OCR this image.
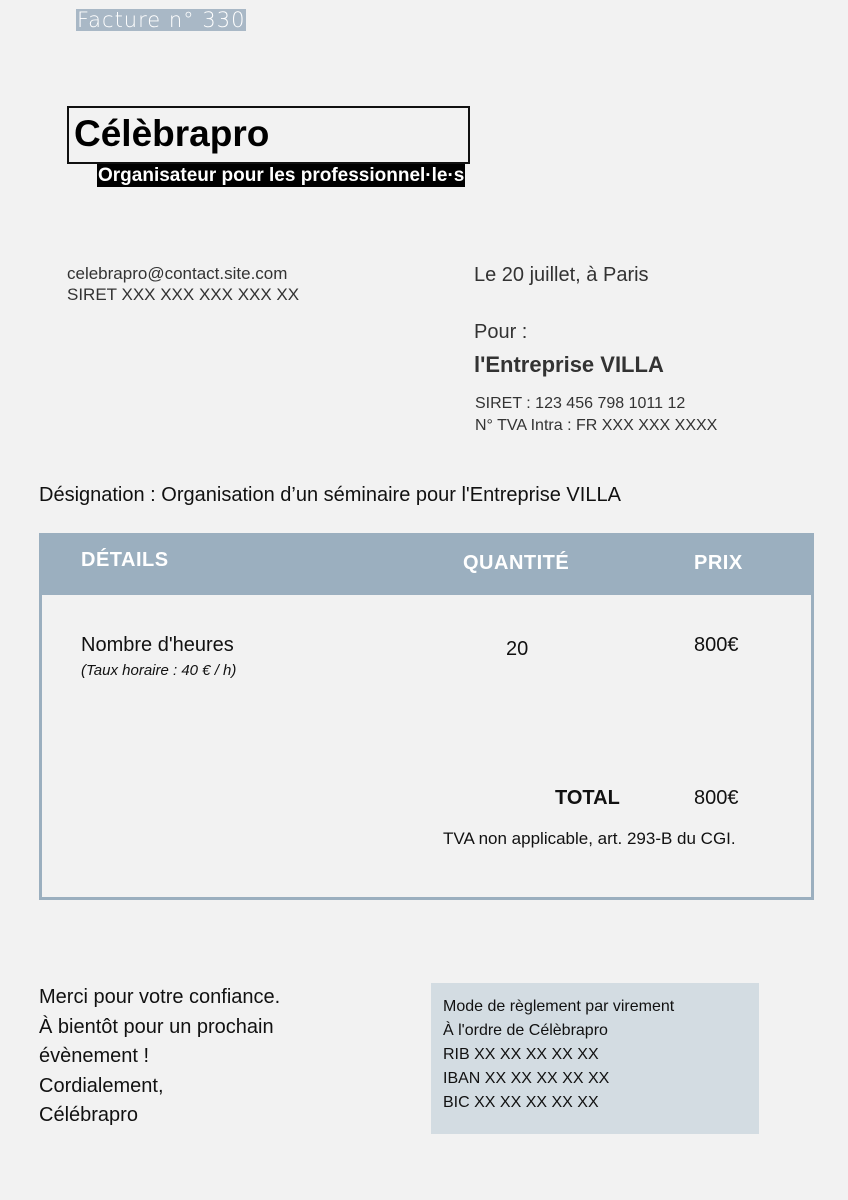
Facture n° 330
Célèbrapro
Organisateur pour les professionnel·le·s
celebrapro@contact.site.com
SIRET XXX XXX XXX XXX XX
Le 20 juillet, à Paris
Pour :
l'Entreprise VILLA
SIRET : 123 456 798 1011 12
N° TVA Intra : FR XXX XXX XXXX
Désignation : Organisation d’un séminaire pour l'Entreprise VILLA
DÉTAILS	QUANTITÉ	PRIX
Nombre d'heures
(Taux horaire : 40 € / h)
20	800€
TOTAL	800€
TVA non applicable, art. 293-B du CGI.
Merci pour votre confiance.
À bientôt pour un prochain
évènement !
Cordialement,
Célébrapro
Mode de règlement par virement
À l'ordre de Célèbrapro
RIB XX XX XX XX XX
IBAN XX XX XX XX XX
BIC XX XX XX XX XX
